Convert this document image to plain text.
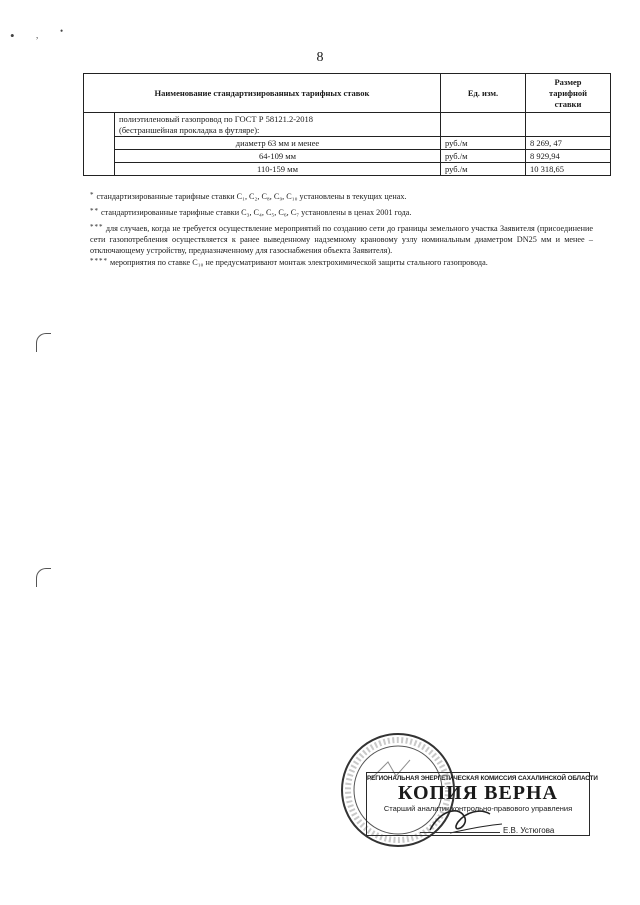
• , •
8
Наименование стандартизированных тарифных ставок		Ед. изм.	Размер
тарифной
ставки
	полиэтиленовый газопровод по ГОСТ Р 58121.2-2018
(бестраншейная прокладка в футляре):		
	диаметр 63 мм и менее	руб./м	8 269, 47
	64-109 мм	руб./м	8 929,94
	110-159 мм	руб./м	10 318,65

* стандартизированные тарифные ставки C₁, C₂, C₈, C₉, C₁₀ установлены в текущих ценах.

** стандартизированные тарифные ставки C₃, C₄, C₅, C₆, C₇ установлены в ценах 2001 года.

*** для случаев, когда не требуется осуществление мероприятий по созданию сети до границы земельного участка Заявителя (присоединение сети газопотребления осуществляется к ранее выведенному надземному крановому узлу номинальным диаметром DN25 мм и менее – отключающему устройству, предназначенному для газоснабжения объекта Заявителя).

**** мероприятия по ставке C₁₀ не предусматривают монтаж электрохимической защиты стального газопровода.

РЕГИОНАЛЬНАЯ ЭНЕРГЕТИЧЕСКАЯ КОМИССИЯ САХАЛИНСКОЙ ОБЛАСТИ
КОПИЯ ВЕРНА
Старший аналитик контрольно-правового управления
Е.В. Устюгова
